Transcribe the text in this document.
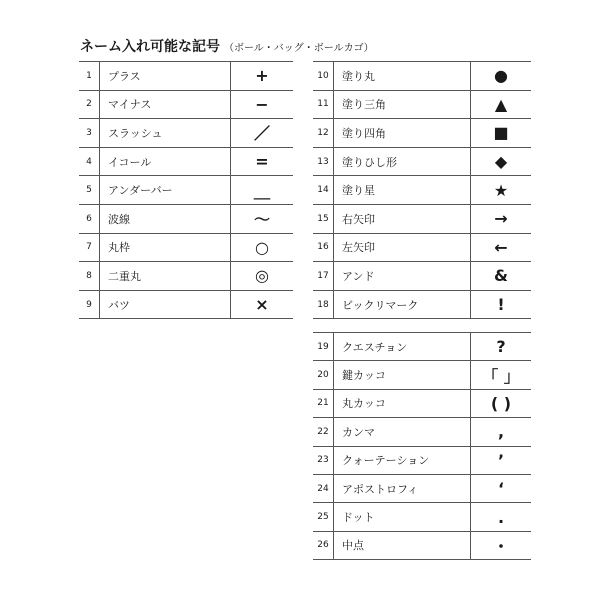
ネーム入れ可能な記号 （ボール・バッグ・ボールカゴ）
1	プラス	+
2	マイナス	−
3	スラッシュ	／
4	イコール	=
5	アンダーバー	＿
6	波線	〜
7	丸枠	○
8	二重丸	◎
9	バツ	×
10	塗り丸	●
11	塗り三角	▲
12	塗り四角	■
13	塗りひし形	◆
14	塗り星	★
15	右矢印	→
16	左矢印	←
17	アンド	&
18	ビックリマーク	!
19	クエスチョン	?
20	鍵カッコ	「 」
21	丸カッコ	( )
22	カンマ	,
23	クォーテーション	’
24	アポストロフィ	‘
25	ドット	.
26	中点	・
